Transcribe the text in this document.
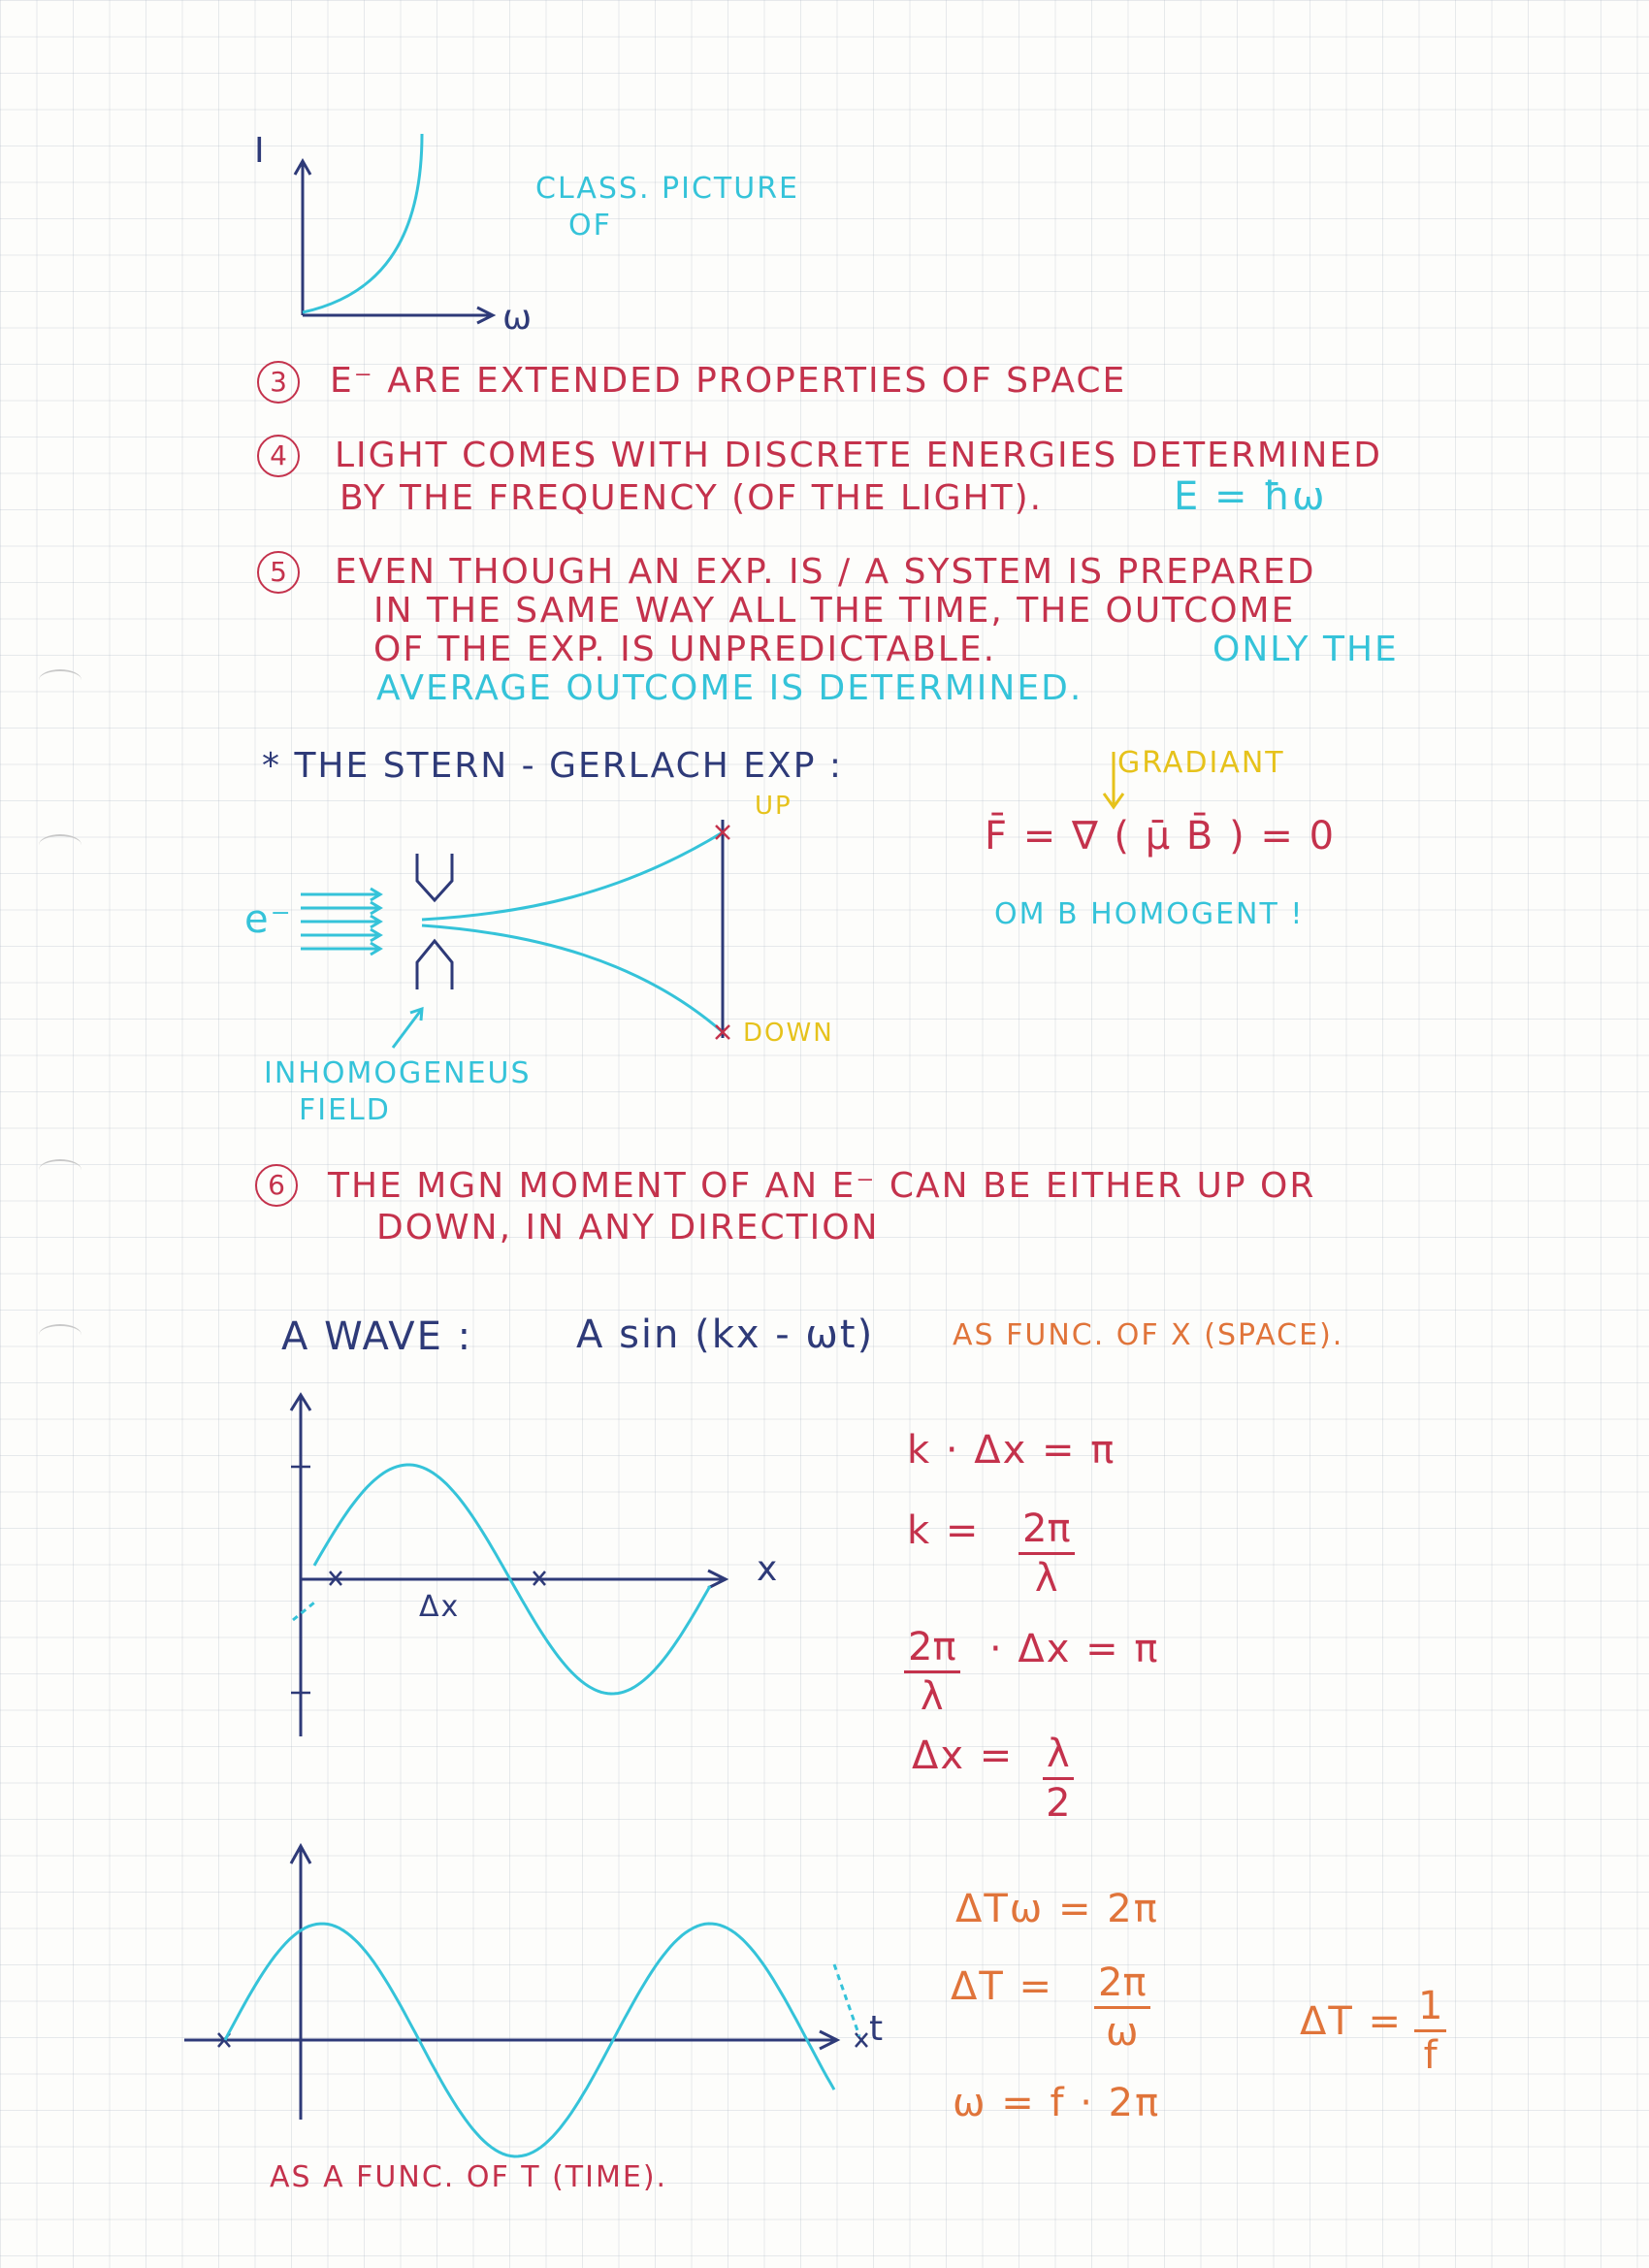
I
ω
CLASS. PICTURE
OF
3	E⁻ ARE EXTENDED PROPERTIES OF SPACE
4	LIGHT COMES WITH DISCRETE ENERGIES DETERMINED
BY THE FREQUENCY (OF THE LIGHT).	E = ħω
5	EVEN THOUGH AN EXP. IS / A SYSTEM IS PREPARED
IN THE SAME WAY ALL THE TIME, THE OUTCOME
OF THE EXP. IS UNPREDICTABLE.	ONLY THE
AVERAGE OUTCOME IS DETERMINED.
* THE STERN - GERLACH EXP :
e⁻
UP
DOWN
INHOMOGENEUS
FIELD
GRADIANT
F̄ = ∇ ( μ̄ B̄ ) = 0
OM B HOMOGENT !
6	THE MGN MOMENT OF AN E⁻ CAN BE EITHER UP OR
DOWN, IN ANY DIRECTION
A WAVE :	A sin (kx - ωt)	AS FUNC. OF X (SPACE).
x
Δx
k · Δx = π
k = 2π
λ
2π
λ
· Δx = π
Δx = λ
2
t
AS A FUNC. OF T (TIME).
ΔTω = 2π
ΔT = 2π
ω
ω = f · 2π
ΔT = 1
f
